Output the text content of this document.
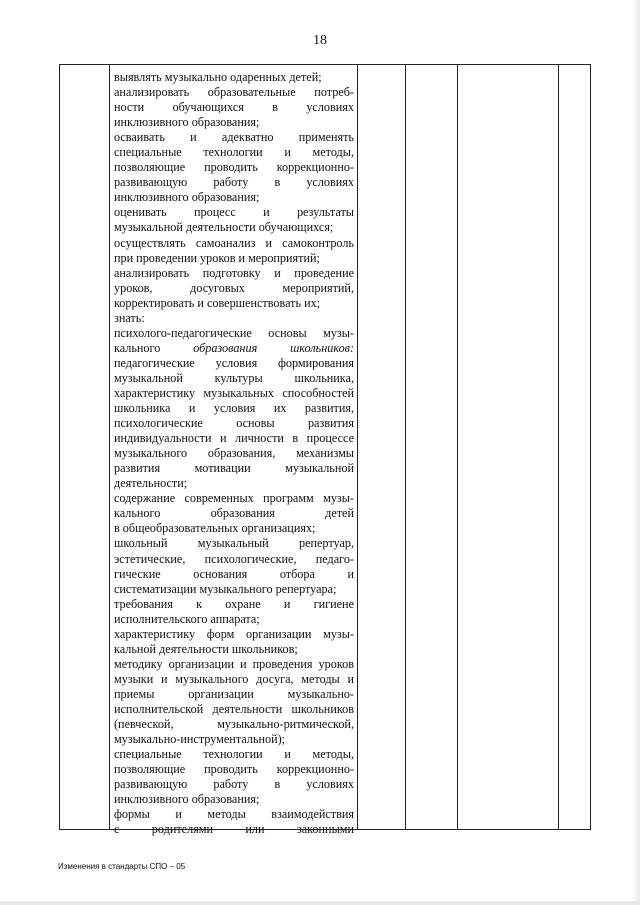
18
выявлять музыкально одаренных детей;
анализировать образовательные потреб-
ности обучающихся в условиях
инклюзивного образования;
осваивать и адекватно применять
специальные технологии и методы,
позволяющие проводить коррекционно-
развивающую работу в условиях
инклюзивного образования;
оценивать процесс и результаты
музыкальной деятельности обучающихся;
осуществлять самоанализ и самоконтроль
при проведении уроков и мероприятий;
анализировать подготовку и проведение
уроков, досуговых мероприятий,
корректировать и совершенствовать их;
знать:
психолого-педагогические основы музы-
кального	образования	школьников:
педагогические условия формирования
музыкальной культуры школьника,
характеристику музыкальных способностей
школьника и условия их развития,
психологические основы развития
индивидуальности и личности в процессе
музыкального образования, механизмы
развития мотивации музыкальной
деятельности;
содержание современных программ музы-
кального образования детей
в общеобразовательных организациях;
школьный музыкальный репертуар,
эстетические, психологические, педаго-
гические основания отбора и
систематизации музыкального репертуара;
требования к охране и гигиене
исполнительского аппарата;
характеристику форм организации музы-
кальной деятельности школьников;
методику организации и проведения уроков
музыки и музыкального досуга, методы и
приемы организации музыкально-
исполнительской деятельности школьников
(певческой, музыкально-ритмической,
музыкально-инструментальной);
специальные технологии и методы,
позволяющие проводить коррекционно-
развивающую работу в условиях
инклюзивного образования;
формы и методы взаимодействия
с родителями или законными
Изменения в стандарты СПО – 05
